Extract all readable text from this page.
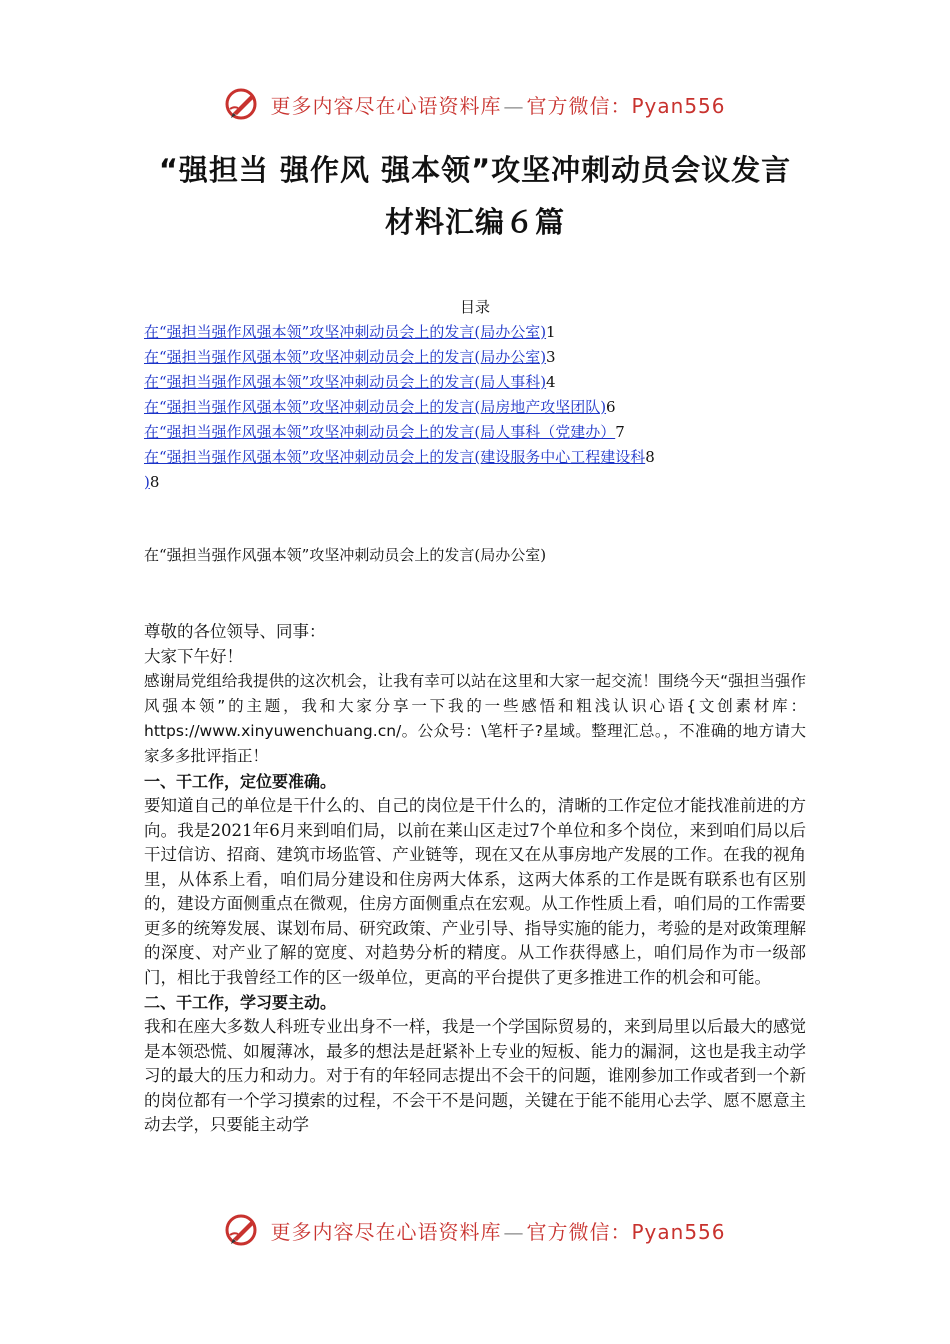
更多内容尽在心语资料库 — 官方微信：Pyan556
“强担当 强作风 强本领”攻坚冲刺动员会议发言
材料汇编６篇
目录
在“强担当强作风强本领”攻坚冲刺动员会上的发言(局办公室)1
在“强担当强作风强本领”攻坚冲刺动员会上的发言(局办公室)3
在“强担当强作风强本领”攻坚冲刺动员会上的发言(局人事科)4
在“强担当强作风强本领”攻坚冲刺动员会上的发言(局房地产攻坚团队)6
在“强担当强作风强本领”攻坚冲刺动员会上的发言(局人事科（党建办）7
在“强担当强作风强本领”攻坚冲刺动员会上的发言(建设服务中心工程建设科8
)8
在“强担当强作风强本领”攻坚冲刺动员会上的发言(局办公室)

尊敬的各位领导、同事：

大家下午好！

感谢局党组给我提供的这次机会，让我有幸可以站在这里和大家一起交流！围绕今天“强担当强作风强本领”的主题，我和大家分享一下我的一些感悟和粗浅认识心语{文创素材库：https://www.xinyuwenchuang.cn/。公众号：\笔杆子?星域。整理汇总。，不准确的地方请大家多多批评指正！

一、干工作，定位要准确。

要知道自己的单位是干什么的、自己的岗位是干什么的，清晰的工作定位才能找准前进的方向。我是2021年6月来到咱们局，以前在莱山区走过7个单位和多个岗位，来到咱们局以后干过信访、招商、建筑市场监管、产业链等，现在又在从事房地产发展的工作。在我的视角里，从体系上看，咱们局分建设和住房两大体系，这两大体系的工作是既有联系也有区别的，建设方面侧重点在微观，住房方面侧重点在宏观。从工作性质上看，咱们局的工作需要更多的统筹发展、谋划布局、研究政策、产业引导、指导实施的能力，考验的是对政策理解的深度、对产业了解的宽度、对趋势分析的精度。从工作获得感上，咱们局作为市一级部门，相比于我曾经工作的区一级单位，更高的平台提供了更多推进工作的机会和可能。

二、干工作，学习要主动。

我和在座大多数人科班专业出身不一样，我是一个学国际贸易的，来到局里以后最大的感觉是本领恐慌、如履薄冰，最多的想法是赶紧补上专业的短板、能力的漏洞，这也是我主动学习的最大的压力和动力。对于有的年轻同志提出不会干的问题，谁刚参加工作或者到一个新的岗位都有一个学习摸索的过程，不会干不是问题，关键在于能不能用心去学、愿不愿意主动去学，只要能主动学

更多内容尽在心语资料库 — 官方微信：Pyan556
